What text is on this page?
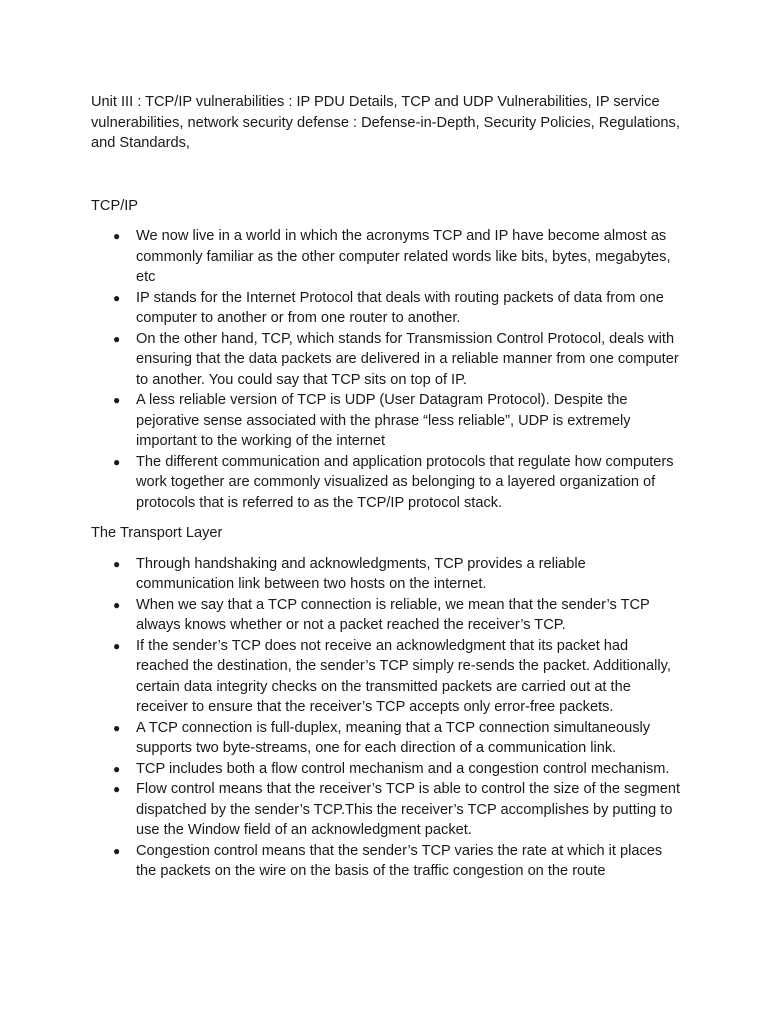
Unit III : TCP/IP vulnerabilities : IP PDU Details, TCP and UDP Vulnerabilities, IP service vulnerabilities, network security defense : Defense-in-Depth, Security Policies, Regulations, and Standards,

TCP/IP

● We now live in a world in which the acronyms TCP and IP have become almost as commonly familiar as the other computer related words like bits, bytes, megabytes, etc
● IP stands for the Internet Protocol that deals with routing packets of data from one computer to another or from one router to another.
● On the other hand, TCP, which stands for Transmission Control Protocol, deals with ensuring that the data packets are delivered in a reliable manner from one computer to another. You could say that TCP sits on top of IP.
● A less reliable version of TCP is UDP (User Datagram Protocol). Despite the pejorative sense associated with the phrase “less reliable”, UDP is extremely important to the working of the internet
● The different communication and application protocols that regulate how computers work together are commonly visualized as belonging to a layered organization of protocols that is referred to as the TCP/IP protocol stack.

The Transport Layer

● Through handshaking and acknowledgments, TCP provides a reliable communication link between two hosts on the internet.
● When we say that a TCP connection is reliable, we mean that the sender’s TCP always knows whether or not a packet reached the receiver’s TCP.
● If the sender’s TCP does not receive an acknowledgment that its packet had reached the destination, the sender’s TCP simply re-sends the packet. Additionally, certain data integrity checks on the transmitted packets are carried out at the receiver to ensure that the receiver’s TCP accepts only error-free packets.
● A TCP connection is full-duplex, meaning that a TCP connection simultaneously supports two byte-streams, one for each direction of a communication link.
● TCP includes both a flow control mechanism and a congestion control mechanism.
● Flow control means that the receiver’s TCP is able to control the size of the segment dispatched by the sender’s TCP.This the receiver’s TCP accomplishes by putting to use the Window field of an acknowledgment packet.
● Congestion control means that the sender’s TCP varies the rate at which it places the packets on the wire on the basis of the traffic congestion on the route
